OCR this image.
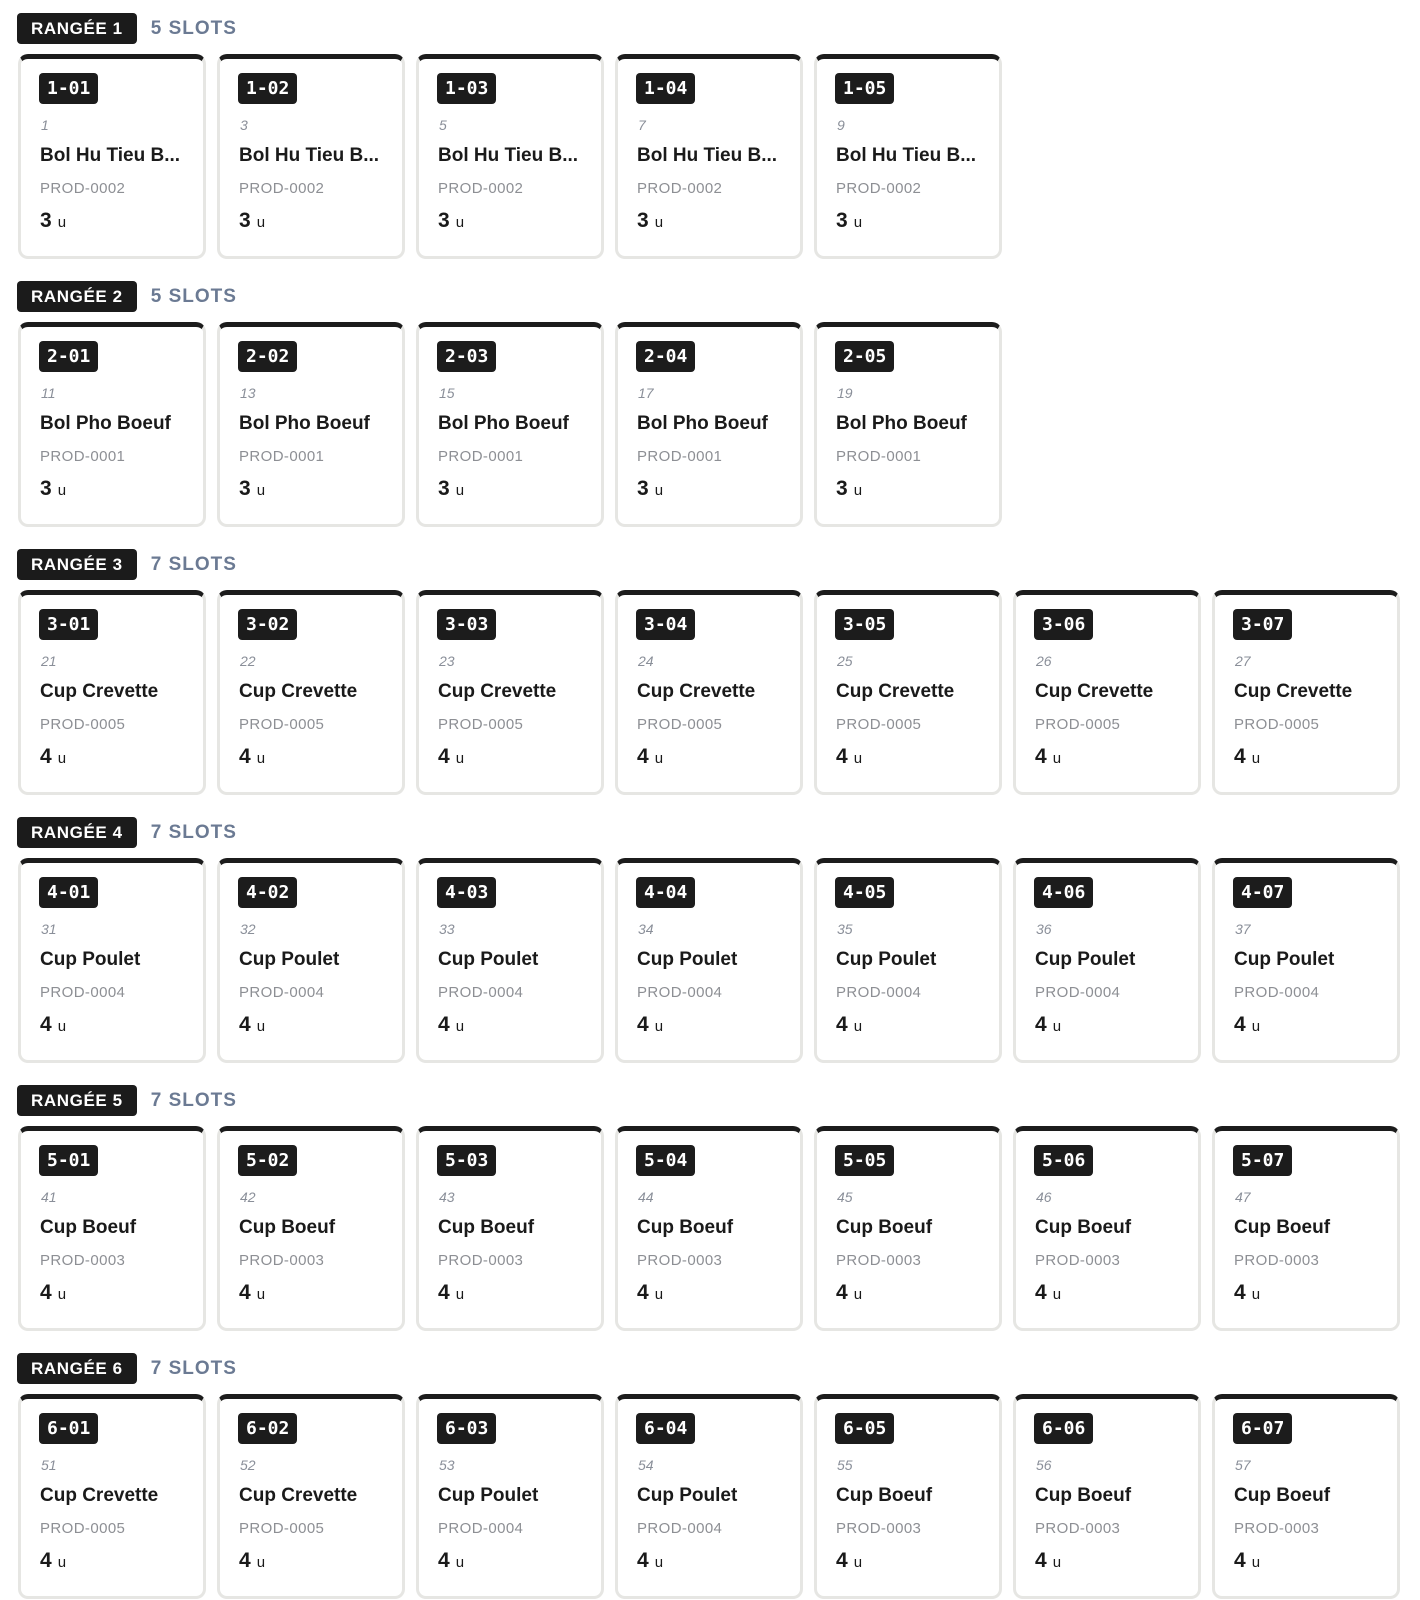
RANGÉE 1	5 SLOTS
1-01
1
Bol Hu Tieu B...
PROD-0002
3 u
1-02
3
Bol Hu Tieu B...
PROD-0002
3 u
1-03
5
Bol Hu Tieu B...
PROD-0002
3 u
1-04
7
Bol Hu Tieu B...
PROD-0002
3 u
1-05
9
Bol Hu Tieu B...
PROD-0002
3 u
RANGÉE 2	5 SLOTS
2-01
11
Bol Pho Boeuf
PROD-0001
3 u
2-02
13
Bol Pho Boeuf
PROD-0001
3 u
2-03
15
Bol Pho Boeuf
PROD-0001
3 u
2-04
17
Bol Pho Boeuf
PROD-0001
3 u
2-05
19
Bol Pho Boeuf
PROD-0001
3 u
RANGÉE 3	7 SLOTS
3-01
21
Cup Crevette
PROD-0005
4 u
3-02
22
Cup Crevette
PROD-0005
4 u
3-03
23
Cup Crevette
PROD-0005
4 u
3-04
24
Cup Crevette
PROD-0005
4 u
3-05
25
Cup Crevette
PROD-0005
4 u
3-06
26
Cup Crevette
PROD-0005
4 u
3-07
27
Cup Crevette
PROD-0005
4 u
RANGÉE 4	7 SLOTS
4-01
31
Cup Poulet
PROD-0004
4 u
4-02
32
Cup Poulet
PROD-0004
4 u
4-03
33
Cup Poulet
PROD-0004
4 u
4-04
34
Cup Poulet
PROD-0004
4 u
4-05
35
Cup Poulet
PROD-0004
4 u
4-06
36
Cup Poulet
PROD-0004
4 u
4-07
37
Cup Poulet
PROD-0004
4 u
RANGÉE 5	7 SLOTS
5-01
41
Cup Boeuf
PROD-0003
4 u
5-02
42
Cup Boeuf
PROD-0003
4 u
5-03
43
Cup Boeuf
PROD-0003
4 u
5-04
44
Cup Boeuf
PROD-0003
4 u
5-05
45
Cup Boeuf
PROD-0003
4 u
5-06
46
Cup Boeuf
PROD-0003
4 u
5-07
47
Cup Boeuf
PROD-0003
4 u
RANGÉE 6	7 SLOTS
6-01
51
Cup Crevette
PROD-0005
4 u
6-02
52
Cup Crevette
PROD-0005
4 u
6-03
53
Cup Poulet
PROD-0004
4 u
6-04
54
Cup Poulet
PROD-0004
4 u
6-05
55
Cup Boeuf
PROD-0003
4 u
6-06
56
Cup Boeuf
PROD-0003
4 u
6-07
57
Cup Boeuf
PROD-0003
4 u
